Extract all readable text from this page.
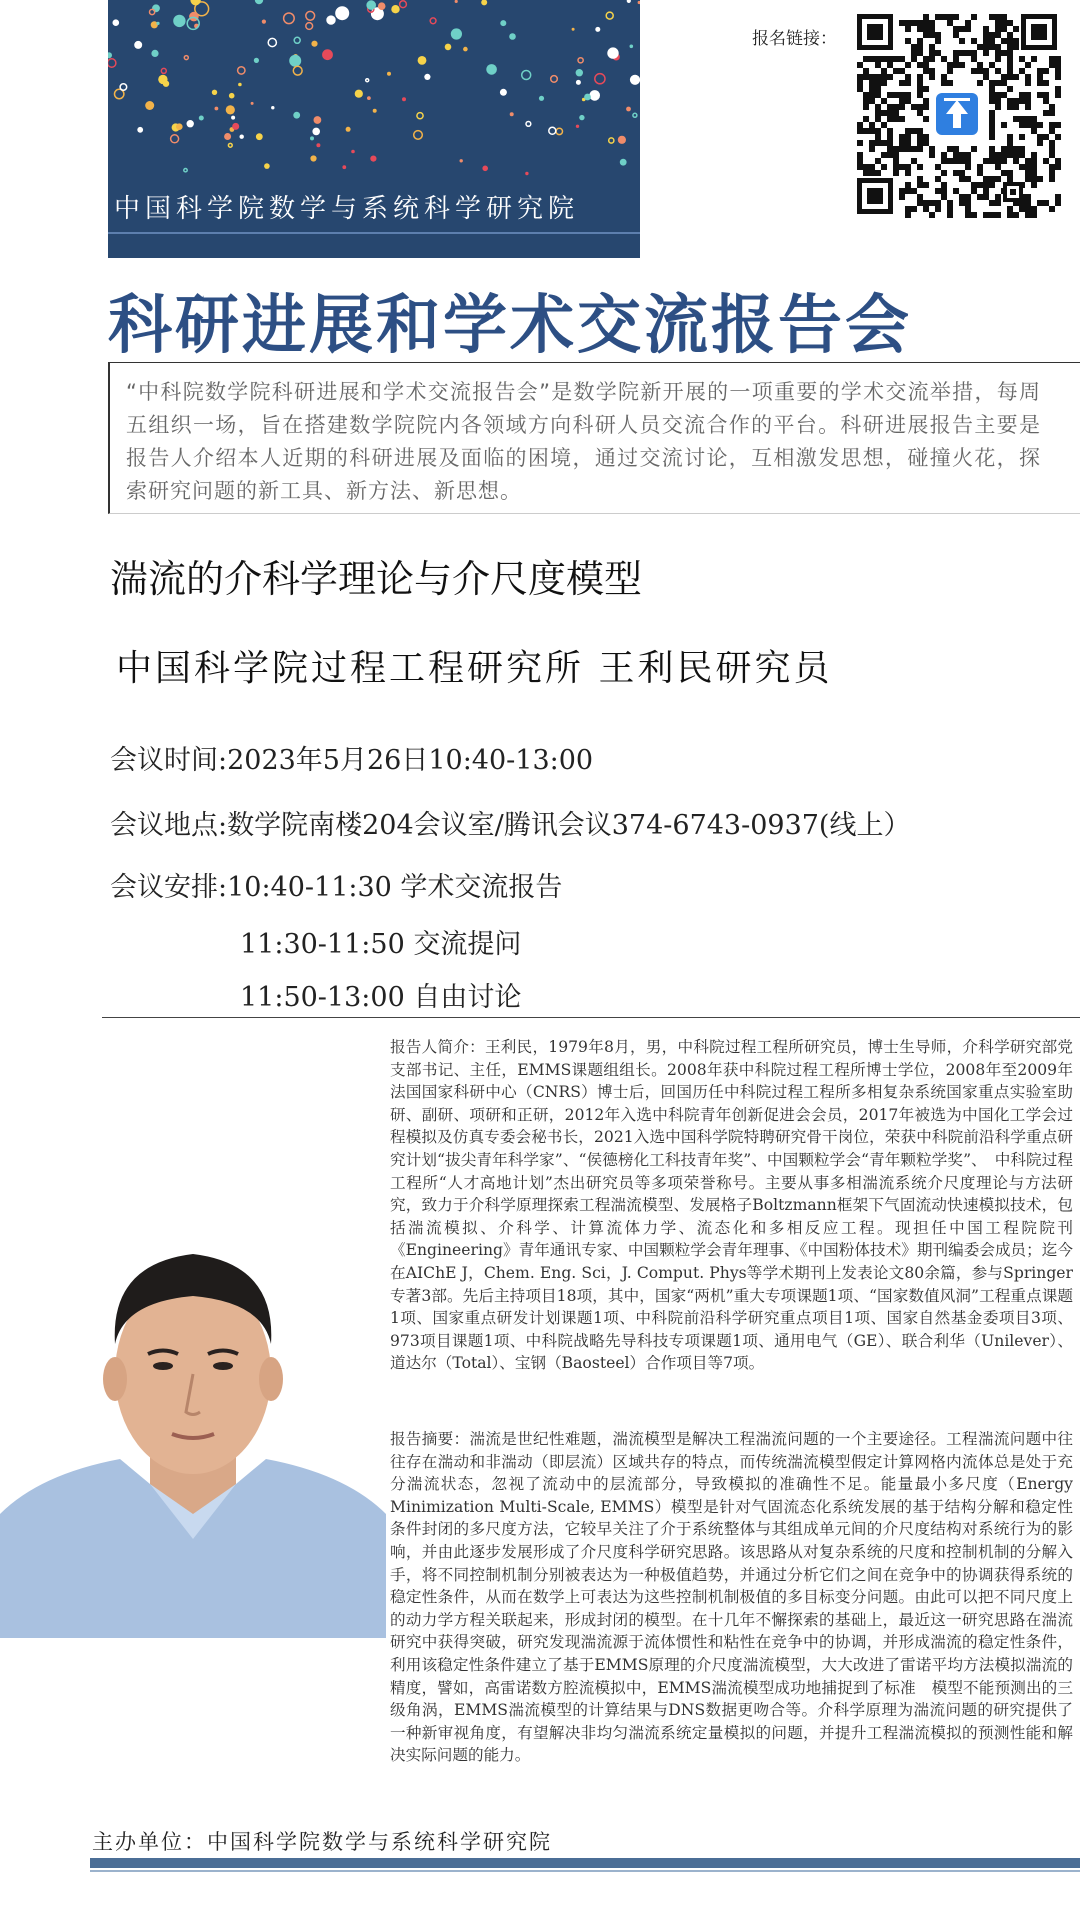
中国科学院数学与系统科学研究院
报名链接：
科研进展和学术交流报告会
“中科院数学院科研进展和学术交流报告会”是数学院新开展的一项重要的学术交流举措，每周五组织一场，旨在搭建数学院院内各领域方向科研人员交流合作的平台。科研进展报告主要是报告人介绍本人近期的科研进展及面临的困境，通过交流讨论，互相激发思想，碰撞火花，探索研究问题的新工具、新方法、新思想。
湍流的介科学理论与介尺度模型
中国科学院过程工程研究所 王利民研究员
会议时间:2023年5月26日10:40-13:00
会议地点:数学院南楼204会议室/腾讯会议374-6743-0937(线上）
会议安排:10:40-11:30 学术交流报告
11:30-11:50 交流提问
11:50-13:00 自由讨论
报告人简介：王利民，1979年8月，男，中科院过程工程所研究员，博士生导师，介科学研究部党支部书记、主任，EMMS课题组组长。2008年获中科院过程工程所博士学位，2008年至2009年法国国家科研中心（CNRS）博士后，回国历任中科院过程工程所多相复杂系统国家重点实验室助研、副研、项研和正研，2012年入选中科院青年创新促进会会员，2017年被选为中国化工学会过程模拟及仿真专委会秘书长，2021入选中国科学院特聘研究骨干岗位，荣获中科院前沿科学重点研究计划“拔尖青年科学家”、“侯德榜化工科技青年奖”、中国颗粒学会“青年颗粒学奖”、　中科院过程工程所“人才高地计划”杰出研究员等多项荣誉称号。主要从事多相湍流系统介尺度理论与方法研究，致力于介科学原理探索工程湍流模型、发展格子Boltzmann框架下气固流动快速模拟技术，包括湍流模拟、介科学、计算流体力学、流态化和多相反应工程。现担任中国工程院院刊《Engineering》青年通讯专家、中国颗粒学会青年理事、《中国粉体技术》期刊编委会成员；迄今在AIChE J，Chem. Eng. Sci，J. Comput. Phys等学术期刊上发表论文80余篇，参与Springer专著3部。先后主持项目18项，其中，国家“两机”重大专项课题1项、“国家数值风洞”工程重点课题1项、国家重点研发计划课题1项、中科院前沿科学研究重点项目1项、国家自然基金委项目3项、973项目课题1项、中科院战略先导科技专项课题1项、通用电气（GE）、联合利华（Unilever）、道达尔（Total）、宝钢（Baosteel）合作项目等7项。
报告摘要：湍流是世纪性难题，湍流模型是解决工程湍流问题的一个主要途径。工程湍流问题中往往存在湍动和非湍动（即层流）区域共存的特点，而传统湍流模型假定计算网格内流体总是处于充分湍流状态，忽视了流动中的层流部分，导致模拟的准确性不足。能量最小多尺度（Energy Minimization Multi-Scale, EMMS）模型是针对气固流态化系统发展的基于结构分解和稳定性条件封闭的多尺度方法，它较早关注了介于系统整体与其组成单元间的介尺度结构对系统行为的影响，并由此逐步发展形成了介尺度科学研究思路。该思路从对复杂系统的尺度和控制机制的分解入手，将不同控制机制分别被表达为一种极值趋势，并通过分析它们之间在竞争中的协调获得系统的稳定性条件，从而在数学上可表达为这些控制机制极值的多目标变分问题。由此可以把不同尺度上的动力学方程关联起来，形成封闭的模型。在十几年不懈探索的基础上，最近这一研究思路在湍流研究中获得突破，研究发现湍流源于流体惯性和粘性在竞争中的协调，并形成湍流的稳定性条件，利用该稳定性条件建立了基于EMMS原理的介尺度湍流模型，大大改进了雷诺平均方法模拟湍流的精度，譬如，高雷诺数方腔流模拟中，EMMS湍流模型成功地捕捉到了标准　模型不能预测出的三级角涡，EMMS湍流模型的计算结果与DNS数据更吻合等。介科学原理为湍流问题的研究提供了一种新审视角度，有望解决非均匀湍流系统定量模拟的问题，并提升工程湍流模拟的预测性能和解决实际问题的能力。
主办单位：中国科学院数学与系统科学研究院
